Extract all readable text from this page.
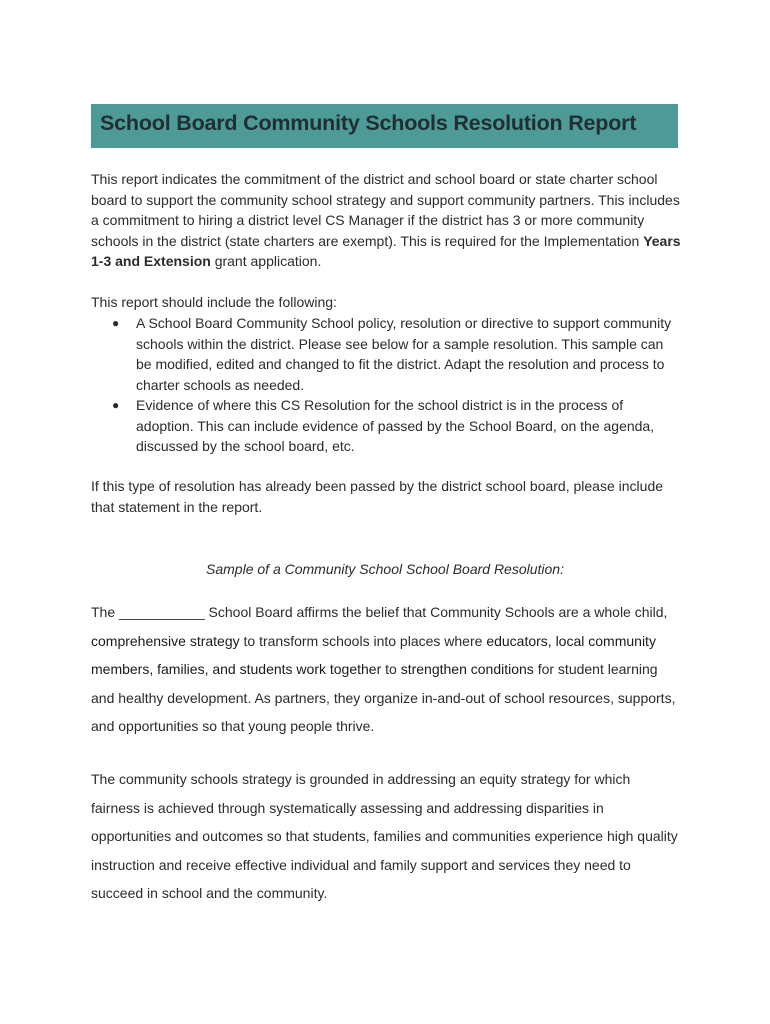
School Board Community Schools Resolution Report

This report indicates the commitment of the district and school board or state charter school board to support the community school strategy and support community partners. This includes a commitment to hiring a district level CS Manager if the district has 3 or more community schools in the district (state charters are exempt). This is required for the Implementation Years 1-3 and Extension grant application.

This report should include the following:

● A School Board Community School policy, resolution or directive to support community schools within the district. Please see below for a sample resolution. This sample can be modified, edited and changed to fit the district. Adapt the resolution and process to charter schools as needed.
● Evidence of where this CS Resolution for the school district is in the process of adoption. This can include evidence of passed by the School Board, on the agenda, discussed by the school board, etc.

If this type of resolution has already been passed by the district school board, please include that statement in the report.

Sample of a Community School School Board Resolution:

The ___________ School Board affirms the belief that Community Schools are a whole child, comprehensive strategy to transform schools into places where educators, local community members, families, and students work together to strengthen conditions for student learning and healthy development. As partners, they organize in-and-out of school resources, supports, and opportunities so that young people thrive.

The community schools strategy is grounded in addressing an equity strategy for which fairness is achieved through systematically assessing and addressing disparities in opportunities and outcomes so that students, families and communities experience high quality instruction and receive effective individual and family support and services they need to succeed in school and the community.
